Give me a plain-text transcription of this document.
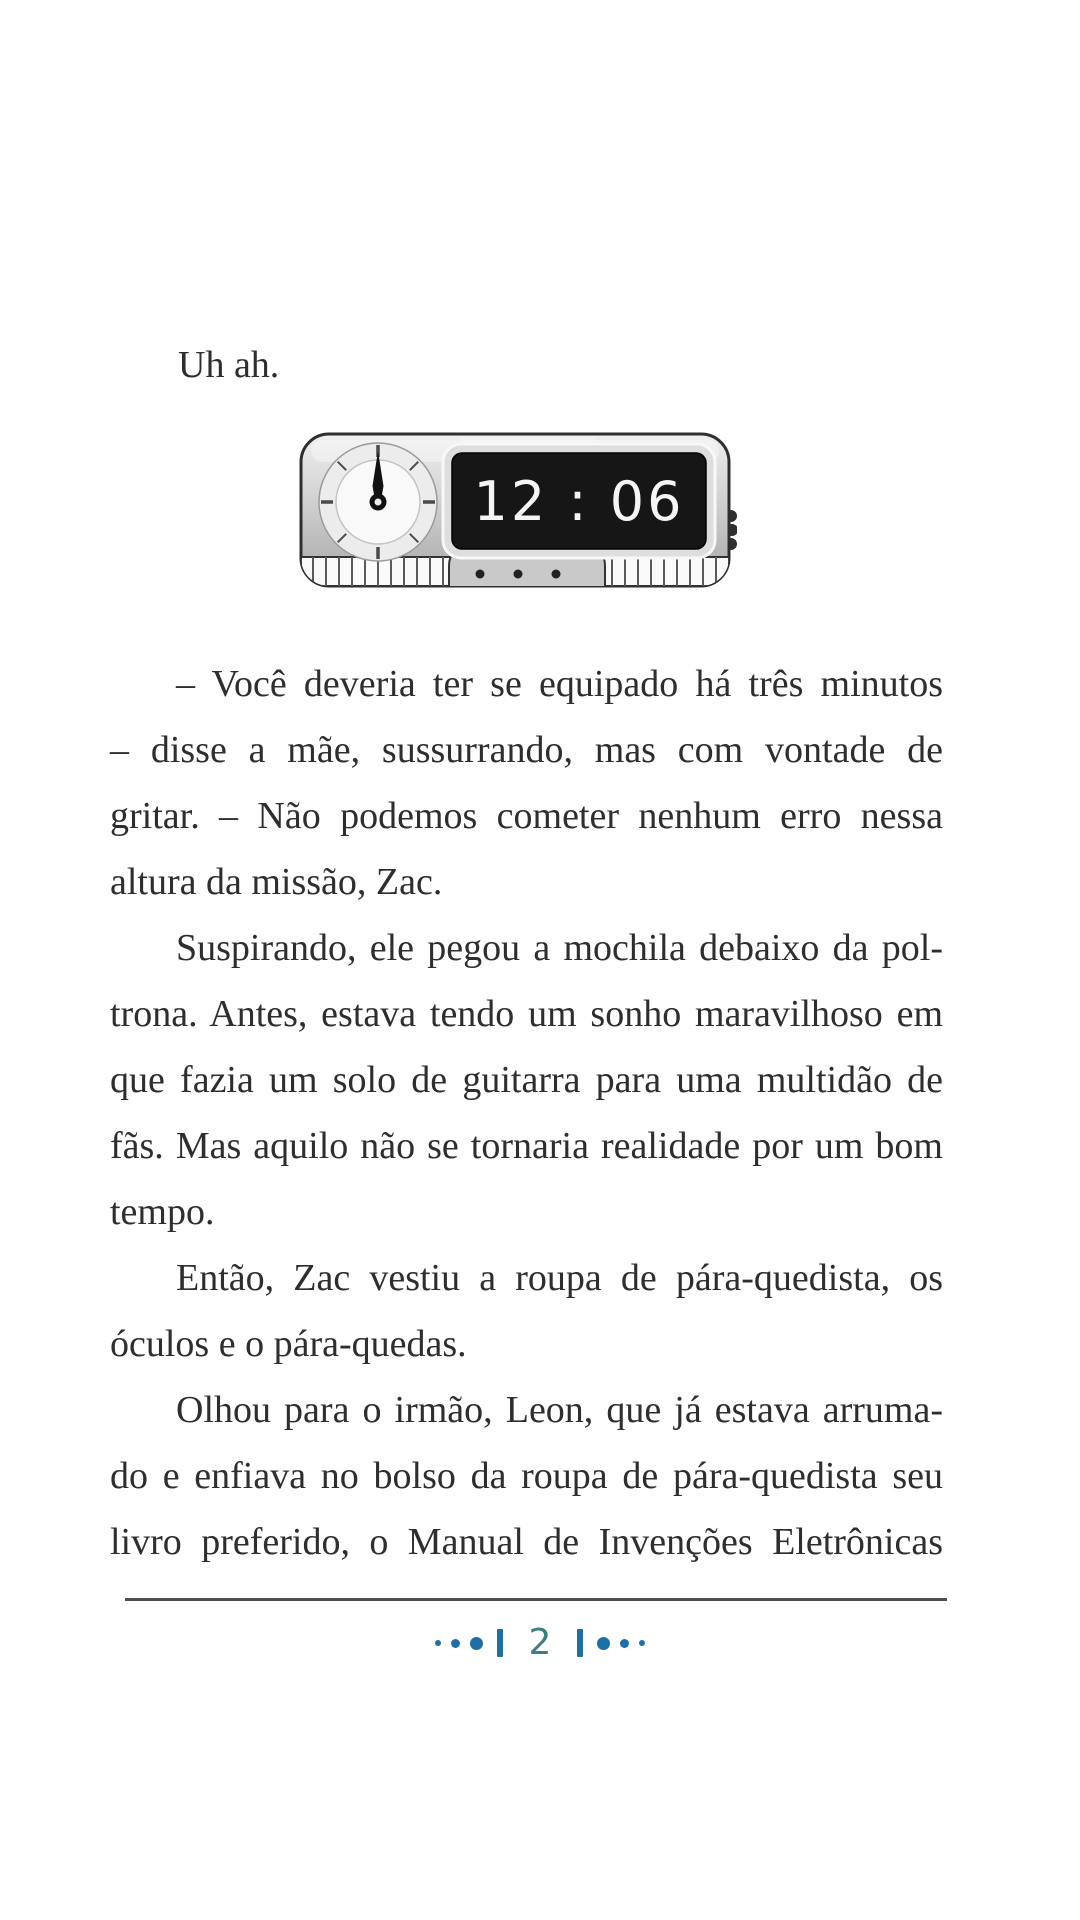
Uh ah.
12 : 06
– Você deveria ter se equipado há três minutos
– disse a mãe, sussurrando, mas com vontade de
gritar. – Não podemos cometer nenhum erro nessa
altura da missão, Zac.
Suspirando, ele pegou a mochila debaixo da pol-
trona. Antes, estava tendo um sonho maravilhoso em
que fazia um solo de guitarra para uma multidão de
fãs. Mas aquilo não se tornaria realidade por um bom
tempo.
Então, Zac vestiu a roupa de pára-quedista, os
óculos e o pára-quedas.
Olhou para o irmão, Leon, que já estava arruma-
do e enfiava no bolso da roupa de pára-quedista seu
livro preferido, o Manual de Invenções Eletrônicas
2
